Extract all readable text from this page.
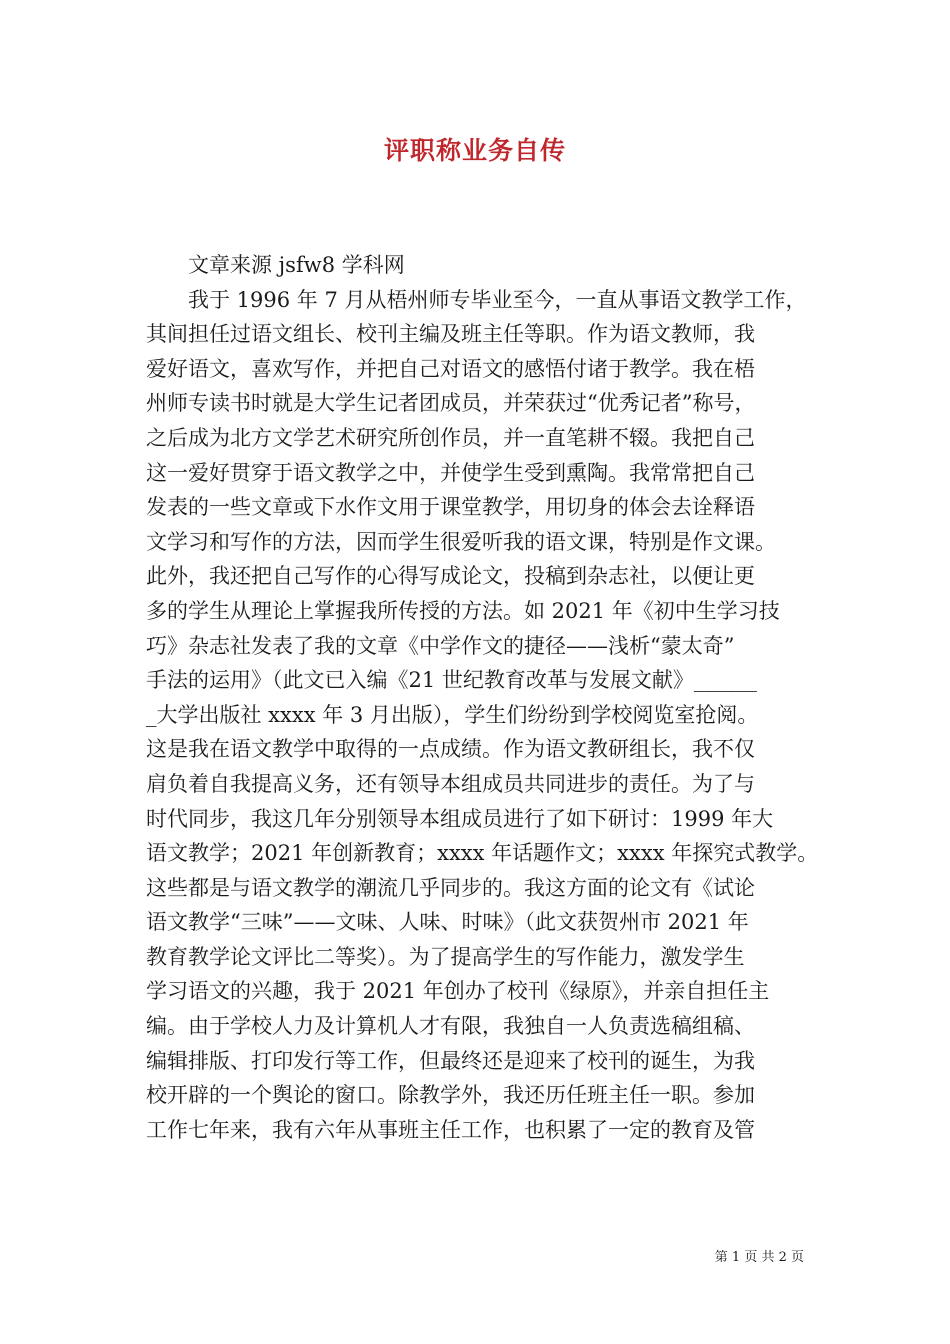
评职称业务自传
文章来源 jsfw8 学科网
我于 1996 年 7 月从梧州师专毕业至今，一直从事语文教学工作，
其间担任过语文组长、校刊主编及班主任等职。作为语文教师，我
爱好语文，喜欢写作，并把自己对语文的感悟付诸于教学。我在梧
州师专读书时就是大学生记者团成员，并荣获过“优秀记者”称号，
之后成为北方文学艺术研究所创作员，并一直笔耕不辍。我把自己
这一爱好贯穿于语文教学之中，并使学生受到熏陶。我常常把自己
发表的一些文章或下水作文用于课堂教学，用切身的体会去诠释语
文学习和写作的方法，因而学生很爱听我的语文课，特别是作文课。
此外，我还把自己写作的心得写成论文，投稿到杂志社，以便让更
多的学生从理论上掌握我所传授的方法。如 2021 年《初中生学习技
巧》杂志社发表了我的文章《中学作文的捷径——浅析“蒙太奇”
手法的运用》（此文已入编《21 世纪教育改革与发展文献》______
_大学出版社 xxxx 年 3 月出版），学生们纷纷到学校阅览室抢阅。
这是我在语文教学中取得的一点成绩。作为语文教研组长，我不仅
肩负着自我提高义务，还有领导本组成员共同进步的责任。为了与
时代同步，我这几年分别领导本组成员进行了如下研讨：1999 年大
语文教学；2021 年创新教育；xxxx 年话题作文；xxxx 年探究式教学。
这些都是与语文教学的潮流几乎同步的。我这方面的论文有《试论
语文教学“三味”——文味、人味、时味》（此文获贺州市 2021 年
教育教学论文评比二等奖）。为了提高学生的写作能力，激发学生
学习语文的兴趣，我于 2021 年创办了校刊《绿原》，并亲自担任主
编。由于学校人力及计算机人才有限，我独自一人负责选稿组稿、
编辑排版、打印发行等工作，但最终还是迎来了校刊的诞生，为我
校开辟的一个舆论的窗口。除教学外，我还历任班主任一职。参加
工作七年来，我有六年从事班主任工作，也积累了一定的教育及管
第 1 页 共 2 页
